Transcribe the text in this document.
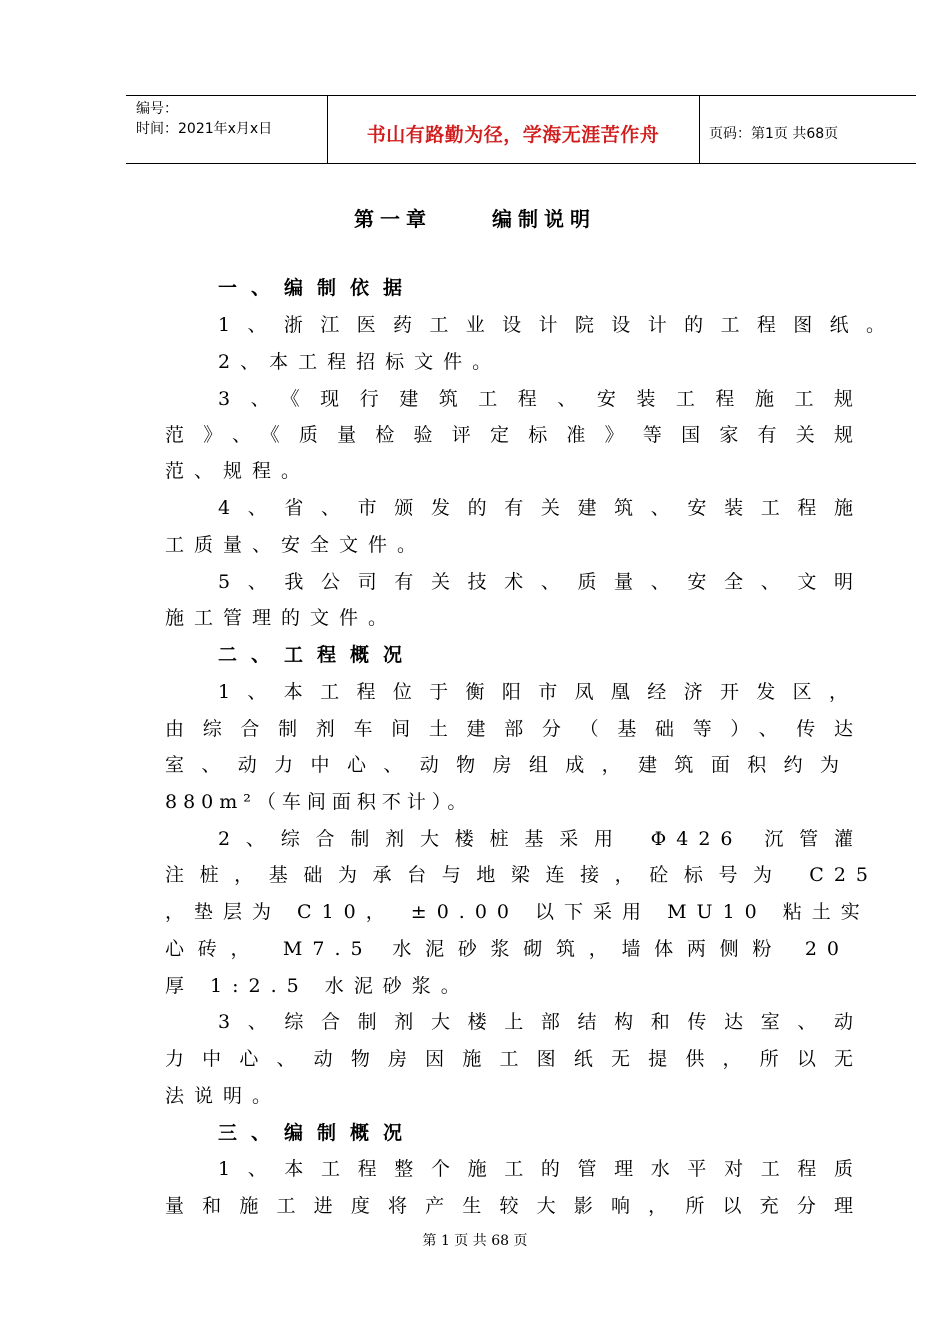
编号：
时间：2021年x月x日	书山有路勤为径，学海无涯苦作舟	页码：第1页 共68页
第一章	编制说明
一、编制依据
1、浙江医药工业设计院设计的工程图纸。
2、本工程招标文件。
3、《现行建筑工程、安装工程施工规
范》、《质量检验评定标准》等国家有关规
范、规程。
4、省、市颁发的有关建筑、安装工程施
工质量、安全文件。
5、我公司有关技术、质量、安全、文明
施工管理的文件。
二、工程概况
1、本工程位于衡阳市凤凰经济开发区，
由综合制剂车间土建部分（基础等）、传达
室、动力中心、动物房组成，建筑面积约为
880m²（车间面积不计）。
2、综合制剂大楼桩基采用 Φ426 沉管灌
注桩，基础为承台与地梁连接，砼标号为 C25
，垫层为 C10， ±0.00 以下采用 MU10 粘土实
心砖， M7.5 水泥砂浆砌筑，墙体两侧粉 20
厚 1:2.5 水泥砂浆。
3、综合制剂大楼上部结构和传达室、动
力中心、动物房因施工图纸无提供，所以无
法说明。
三、编制概况
1、本工程整个施工的管理水平对工程质
量和施工进度将产生较大影响，所以充分理
第 1 页 共 68 页
